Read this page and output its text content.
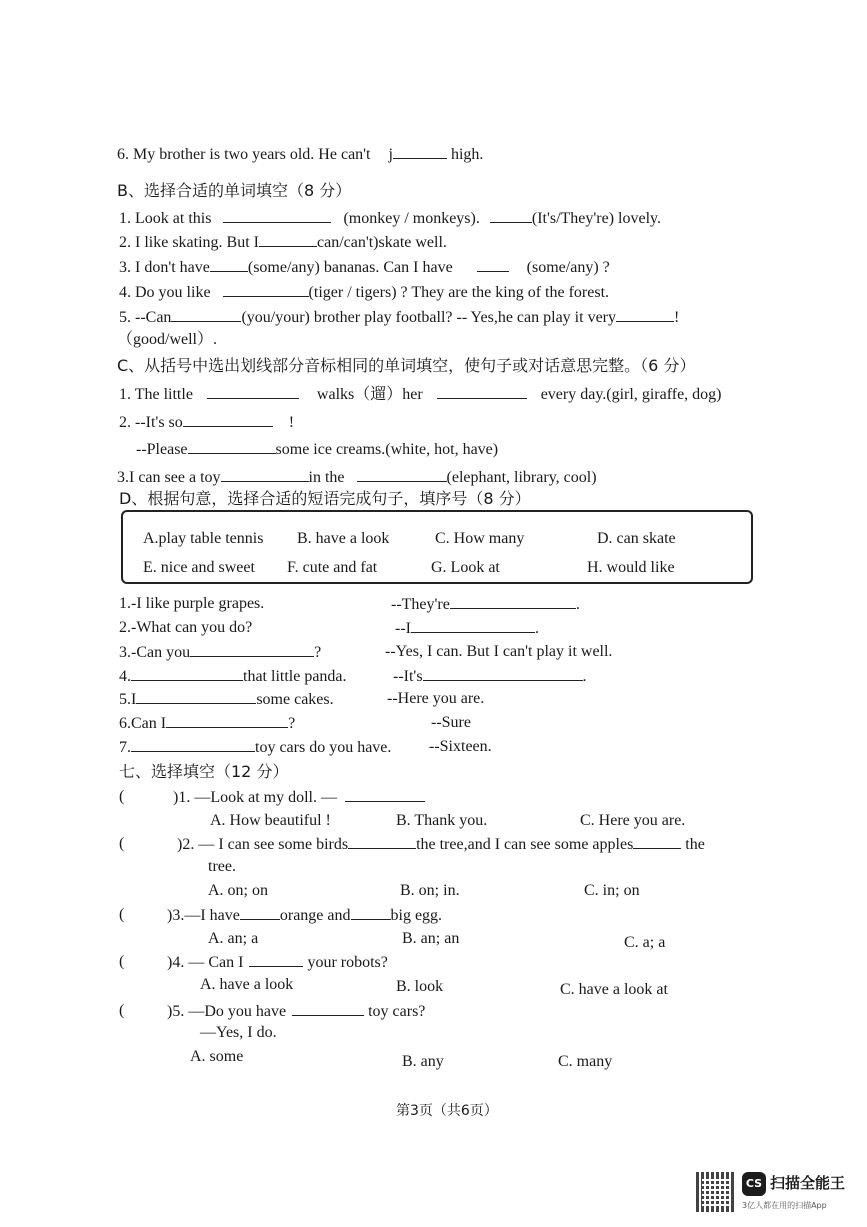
6. My brother is two years old. He can't j	high.
B、选择合适的单词填空（8 分）
1. Look at this	(monkey / monkeys).	(It's/They're) lovely.
2. I like skating. But I	can/can't)skate well.
3. I don't have (some/any) bananas. Can I have	(some/any) ?
4. Do you like	(tiger / tigers) ? They are the king of the forest.
5. --Can	(you/your) brother play football? -- Yes,he can play it very	!
（good/well）.
C、从括号中选出划线部分音标相同的单词填空，使句子或对话意思完整。（6 分）
1. The little	walks（遛）her	every day.(girl, giraffe, dog)
2. --It's so	!
--Please	some ice creams.(white, hot, have)
3.I can see a toy	in the	(elephant, library, cool)
D、根据句意，选择合适的短语完成句子，填序号（8 分）
A.play table tennis B. have a look	C. How many	D. can skate
E. nice and sweet F. cute and fat	G. Look at	H. would like
1.-I like purple grapes.	--They're	.
2.-What can you do?	--I	.
3.-Can you	?	--Yes, I can. But I can't play it well.
4.	that little panda.	--It's	.
5.I	some cakes.	--Here you are.
6.Can I	?	--Sure
7.	toy cars do you have. --Sixteen.
七、选择填空（12 分）
(	)1. —Look at my doll. —
A. How beautiful !	B. Thank you.	C. Here you are.
(	)2. — I can see some birds	the tree,and I can see some apples	the
tree.
A. on; on	B. on; in.	C. in; on
(	)3.—I have	orange and	big egg.
A. an; a	B. an; an	C. a; a
(	)4. — Can I	your robots?
A. have a look	B. look	C. have a look at
(	)5. —Do you have	toy cars?
—Yes, I do.
A. some	B. any	C. many
第3页（共6页）
CS 扫描全能王
3亿人都在用的扫描App
